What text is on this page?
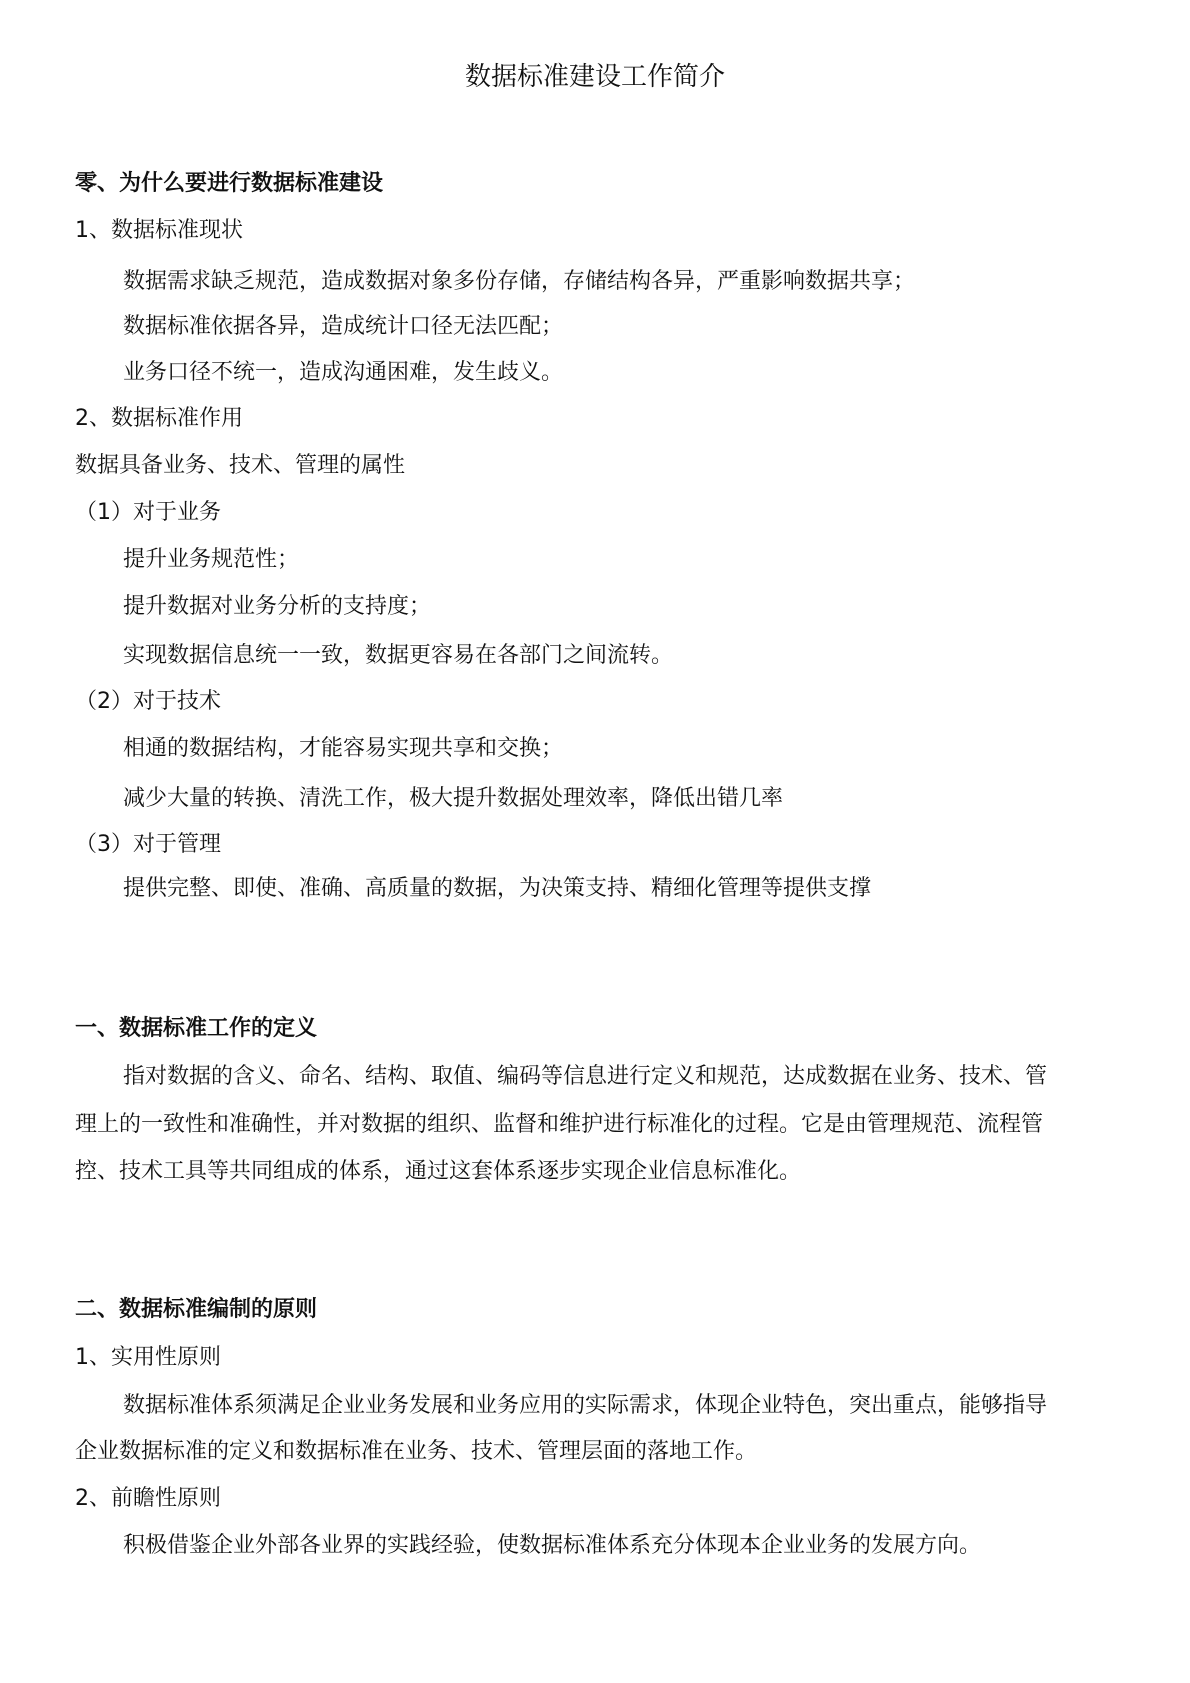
数据标准建设工作简介
零、为什么要进行数据标准建设
1、数据标准现状
数据需求缺乏规范，造成数据对象多份存储，存储结构各异，严重影响数据共享；
数据标准依据各异，造成统计口径无法匹配；
业务口径不统一，造成沟通困难，发生歧义。
2、数据标准作用
数据具备业务、技术、管理的属性
（1）对于业务
提升业务规范性；
提升数据对业务分析的支持度；
实现数据信息统一一致，数据更容易在各部门之间流转。
（2）对于技术
相通的数据结构，才能容易实现共享和交换；
减少大量的转换、清洗工作，极大提升数据处理效率，降低出错几率
（3）对于管理
提供完整、即使、准确、高质量的数据，为决策支持、精细化管理等提供支撑
一、数据标准工作的定义
指对数据的含义、命名、结构、取值、编码等信息进行定义和规范，达成数据在业务、技术、管
理上的一致性和准确性，并对数据的组织、监督和维护进行标准化的过程。它是由管理规范、流程管
控、技术工具等共同组成的体系，通过这套体系逐步实现企业信息标准化。
二、数据标准编制的原则
1、实用性原则
数据标准体系须满足企业业务发展和业务应用的实际需求，体现企业特色，突出重点，能够指导
企业数据标准的定义和数据标准在业务、技术、管理层面的落地工作。
2、前瞻性原则
积极借鉴企业外部各业界的实践经验，使数据标准体系充分体现本企业业务的发展方向。
